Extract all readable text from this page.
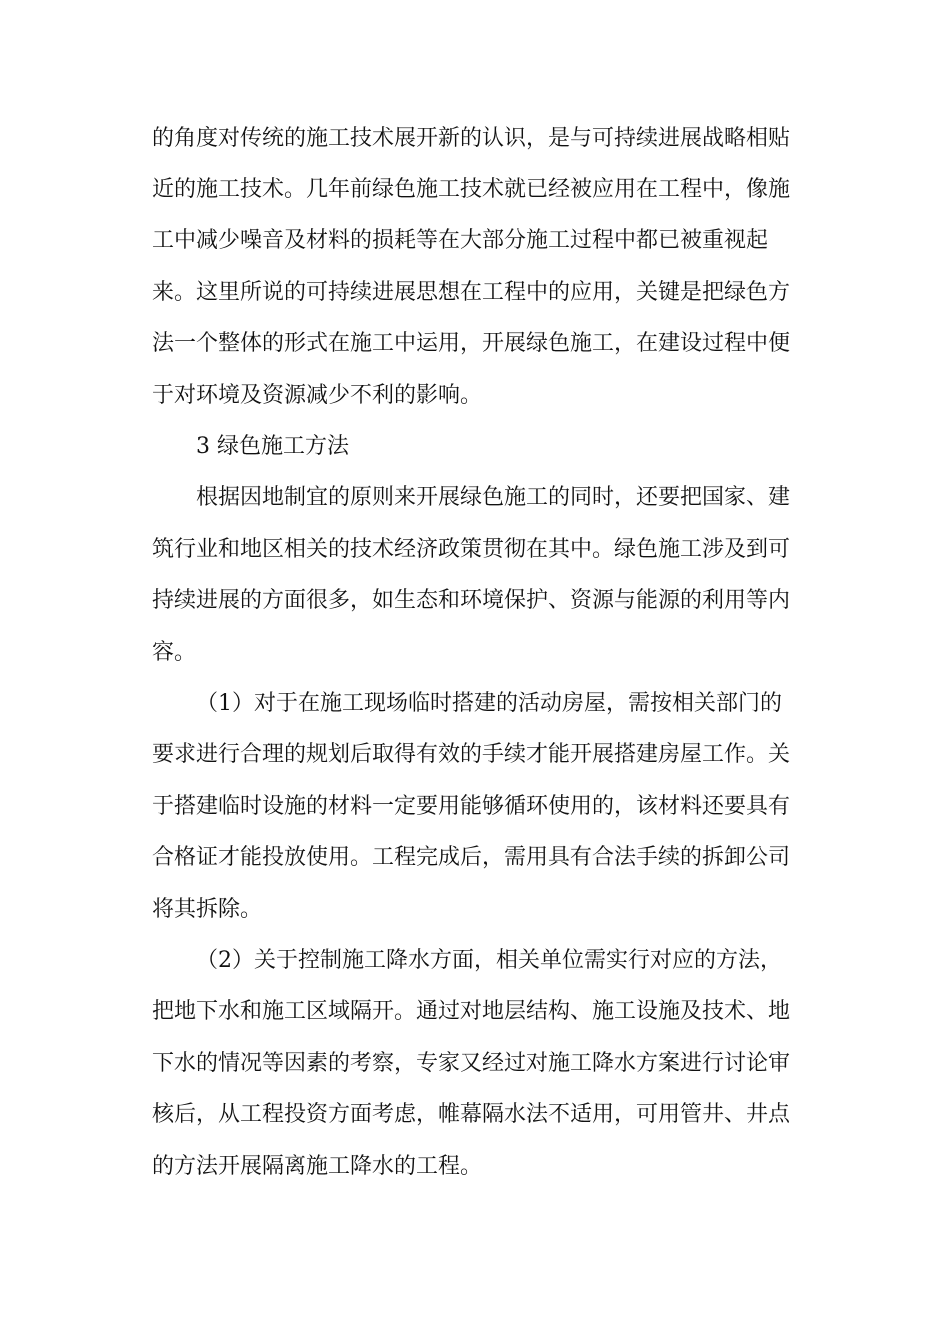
的角度对传统的施工技术展开新的认识，是与可持续进展战略相贴
近的施工技术。几年前绿色施工技术就已经被应用在工程中，像施
工中减少噪音及材料的损耗等在大部分施工过程中都已被重视起
来。这里所说的可持续进展思想在工程中的应用，关键是把绿色方
法一个整体的形式在施工中运用，开展绿色施工，在建设过程中便
于对环境及资源减少不利的影响。
3 绿色施工方法
根据因地制宜的原则来开展绿色施工的同时，还要把国家、建
筑行业和地区相关的技术经济政策贯彻在其中。绿色施工涉及到可
持续进展的方面很多，如生态和环境保护、资源与能源的利用等内
容。
（1）对于在施工现场临时搭建的活动房屋，需按相关部门的
要求进行合理的规划后取得有效的手续才能开展搭建房屋工作。关
于搭建临时设施的材料一定要用能够循环使用的，该材料还要具有
合格证才能投放使用。工程完成后，需用具有合法手续的拆卸公司
将其拆除。
（2）关于控制施工降水方面，相关单位需实行对应的方法，
把地下水和施工区域隔开。通过对地层结构、施工设施及技术、地
下水的情况等因素的考察，专家又经过对施工降水方案进行讨论审
核后，从工程投资方面考虑，帷幕隔水法不适用，可用管井、井点
的方法开展隔离施工降水的工程。
